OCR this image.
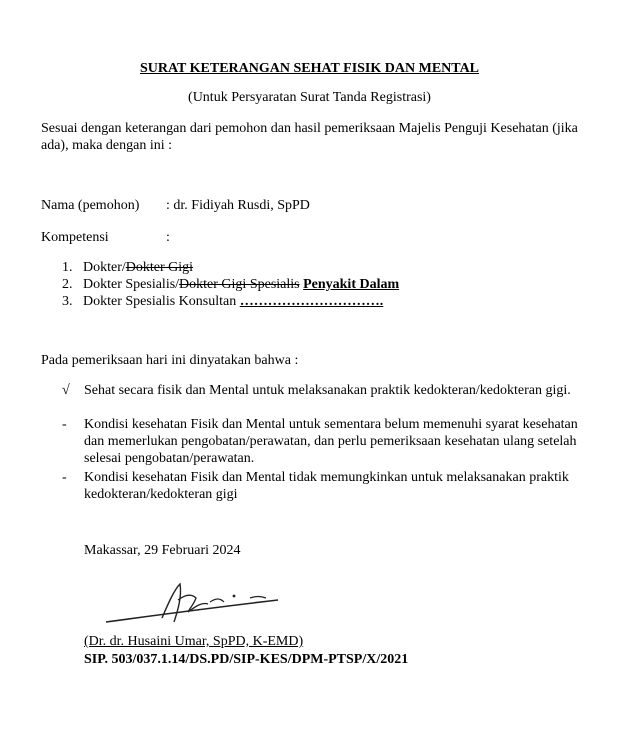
SURAT KETERANGAN SEHAT FISIK DAN MENTAL
(Untuk Persyaratan Surat Tanda Registrasi)
Sesuai dengan keterangan dari pemohon dan hasil pemeriksaan Majelis Penguji Kesehatan (jika ada), maka dengan ini :
Nama (pemohon) : dr. Fidiyah Rusdi, SpPD
Kompetensi	:
1. Dokter/Dokter Gigi
2. Dokter Spesialis/Dokter Gigi Spesialis Penyakit Dalam
3. Dokter Spesialis Konsultan ………………………….
Pada pemeriksaan hari ini dinyatakan bahwa :
√	Sehat secara fisik dan Mental untuk melaksanakan praktik kedokteran/kedokteran gigi.
-	Kondisi kesehatan Fisik dan Mental untuk sementara belum memenuhi syarat kesehatan dan memerlukan pengobatan/perawatan, dan perlu pemeriksaan kesehatan ulang setelah selesai pengobatan/perawatan.
-	Kondisi kesehatan Fisik dan Mental tidak memungkinkan untuk melaksanakan praktik kedokteran/kedokteran gigi
Makassar, 29 Februari 2024
(Dr. dr. Husaini Umar, SpPD, K-EMD)
SIP. 503/037.1.14/DS.PD/SIP-KES/DPM-PTSP/X/2021
